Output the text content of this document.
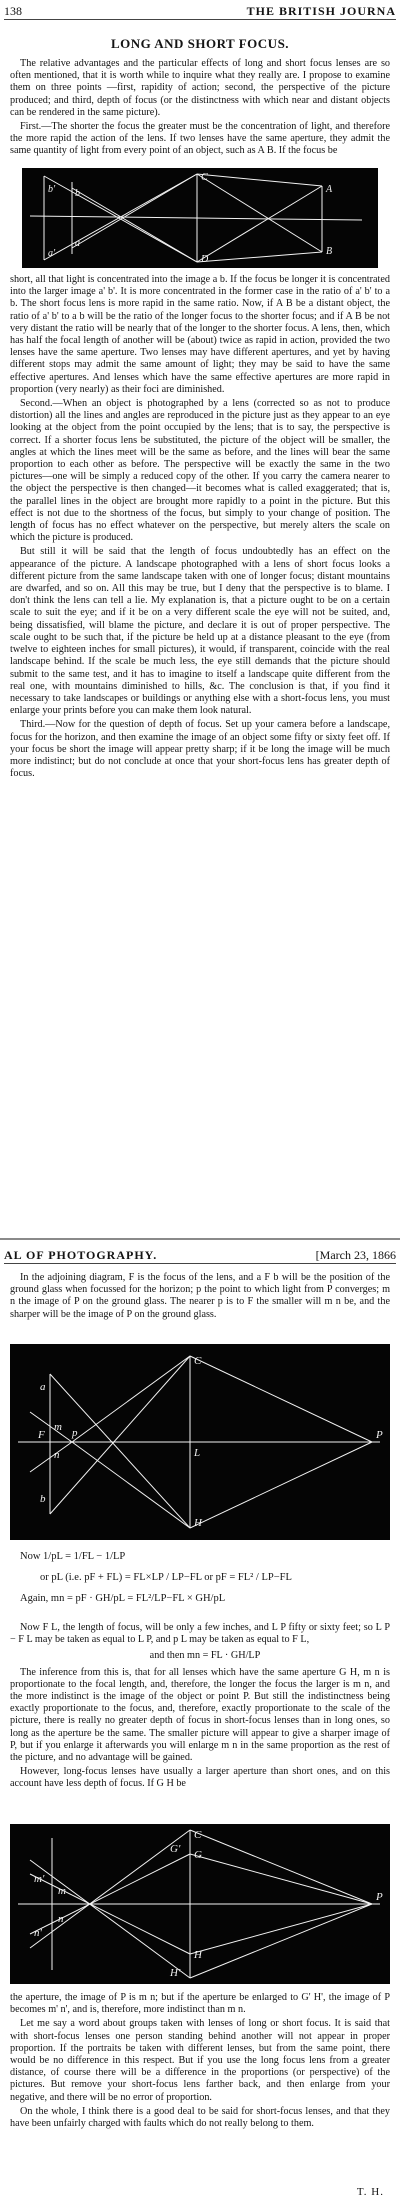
138	THE BRITISH JOURNA
LONG AND SHORT FOCUS.

The relative advantages and the particular effects of long and short focus lenses are so often mentioned, that it is worth while to inquire what they really are. I propose to examine them on three points —first, rapidity of action; second, the perspective of the picture produced; and third, depth of focus (or the distinctness with which near and distant objects can be rendered in the same picture).

First.—The shorter the focus the greater must be the concentration of light, and therefore the more rapid the action of the lens. If two lenses have the same aperture, they admit the same quantity of light from every point of an object, such as A B. If the focus be

C
b' b
a
a'
A
B
D

short, all that light is concentrated into the image a b. If the focus be longer it is concentrated into the larger image a' b'. It is more concentrated in the former case in the ratio of a' b' to a b. The short focus lens is more rapid in the same ratio. Now, if A B be a distant object, the ratio of a' b' to a b will be the ratio of the longer focus to the shorter focus; and if A B be not very distant the ratio will be nearly that of the longer to the shorter focus. A lens, then, which has half the focal length of another will be (about) twice as rapid in action, provided the two lenses have the same aperture. Two lenses may have different apertures, and yet by having different stops may admit the same amount of light; they may be said to have the same effective apertures. And lenses which have the same effective apertures are more rapid in proportion (very nearly) as their foci are diminished.

Second.—When an object is photographed by a lens (corrected so as not to produce distortion) all the lines and angles are reproduced in the picture just as they appear to an eye looking at the object from the point occupied by the lens; that is to say, the perspective is correct. If a shorter focus lens be substituted, the picture of the object will be smaller, the angles at which the lines meet will be the same as before, and the lines will bear the same proportion to each other as before. The perspective will be exactly the same in the two pictures—one will be simply a reduced copy of the other. If you carry the camera nearer to the object the perspective is then changed—it becomes what is called exaggerated; that is, the parallel lines in the object are brought more rapidly to a point in the picture. But this effect is not due to the shortness of the focus, but simply to your change of position. The length of focus has no effect whatever on the perspective, but merely alters the scale on which the picture is produced.

But still it will be said that the length of focus undoubtedly has an effect on the appearance of the picture. A landscape photographed with a lens of short focus looks a different picture from the same landscape taken with one of longer focus; distant mountains are dwarfed, and so on. All this may be true, but I deny that the perspective is to blame. I don't think the lens can tell a lie. My explanation is, that a picture ought to be on a certain scale to suit the eye; and if it be on a very different scale the eye will not be suited, and, being dissatisfied, will blame the picture, and declare it is out of proper perspective. The scale ought to be such that, if the picture be held up at a distance pleasant to the eye (from twelve to eighteen inches for small pictures), it would, if transparent, coincide with the real landscape behind. If the scale be much less, the eye still demands that the picture should submit to the same test, and it has to imagine to itself a landscape quite different from the real one, with mountains diminished to hills, &c. The conclusion is that, if you find it necessary to take landscapes or buildings or anything else with a short-focus lens, you must enlarge your prints before you can make them look natural.

Third.—Now for the question of depth of focus. Set up your camera before a landscape, focus for the horizon, and then examine the image of an object some fifty or sixty feet off. If your focus be short the image will appear pretty sharp; if it be long the image will be much more indistinct; but do not conclude at once that your short-focus lens has greater depth of focus.

AL OF PHOTOGRAPHY.	[March 23, 1866

In the adjoining diagram, F is the focus of the lens, and a F b will be the position of the ground glass when focussed for the horizon; p the point to which light from P converges; m n the image of P on the ground glass. The nearer p is to F the smaller will m n be, and the sharper will be the image of P on the ground glass.

C
a
F
b
m
n
p	P
H
L
Now 1/pL = 1/FL − 1/LP
or pL (i.e. pF + FL) = FL×LP / LP−FL or pF = FL² / LP−FL
Again, mn = pF · GH/pL = FL²/LP−FL × GH/pL

Now F L, the length of focus, will be only a few inches, and L P fifty or sixty feet; so L P − F L may be taken as equal to L P, and p L may be taken as equal to F L,

and then mn = FL · GH/LP

The inference from this is, that for all lenses which have the same aperture G H, m n is proportionate to the focal length, and, therefore, the longer the focus the larger is m n, and the more indistinct is the image of the object or point P. But still the indistinctness being exactly proportionate to the focus, and, therefore, exactly proportionate to the scale of the picture, there is really no greater depth of focus in short-focus lenses than in long ones, so long as the aperture be the same. The smaller picture will appear to give a sharper image of P, but if you enlarge it afterwards you will enlarge m n in the same proportion as the rest of the picture, and no advantage will be gained.

However, long-focus lenses have usually a larger aperture than short ones, and on this account have less depth of focus. If G H be

C
G
G'
m'
m
n
n'
H
H'
P

the aperture, the image of P is m n; but if the aperture be enlarged to G' H', the image of P becomes m' n', and is, therefore, more indistinct than m n.

Let me say a word about groups taken with lenses of long or short focus. It is said that with short-focus lenses one person standing behind another will not appear in proper proportion. If the portraits be taken with different lenses, but from the same point, there would be no difference in this respect. But if you use the long focus lens from a greater distance, of course there will be a difference in the proportions (or perspective) of the pictures. But remove your short-focus lens farther back, and then enlarge from your negative, and there will be no error of proportion.

On the whole, I think there is a good deal to be said for short-focus lenses, and that they have been unfairly charged with faults which do not really belong to them.

T. H.
